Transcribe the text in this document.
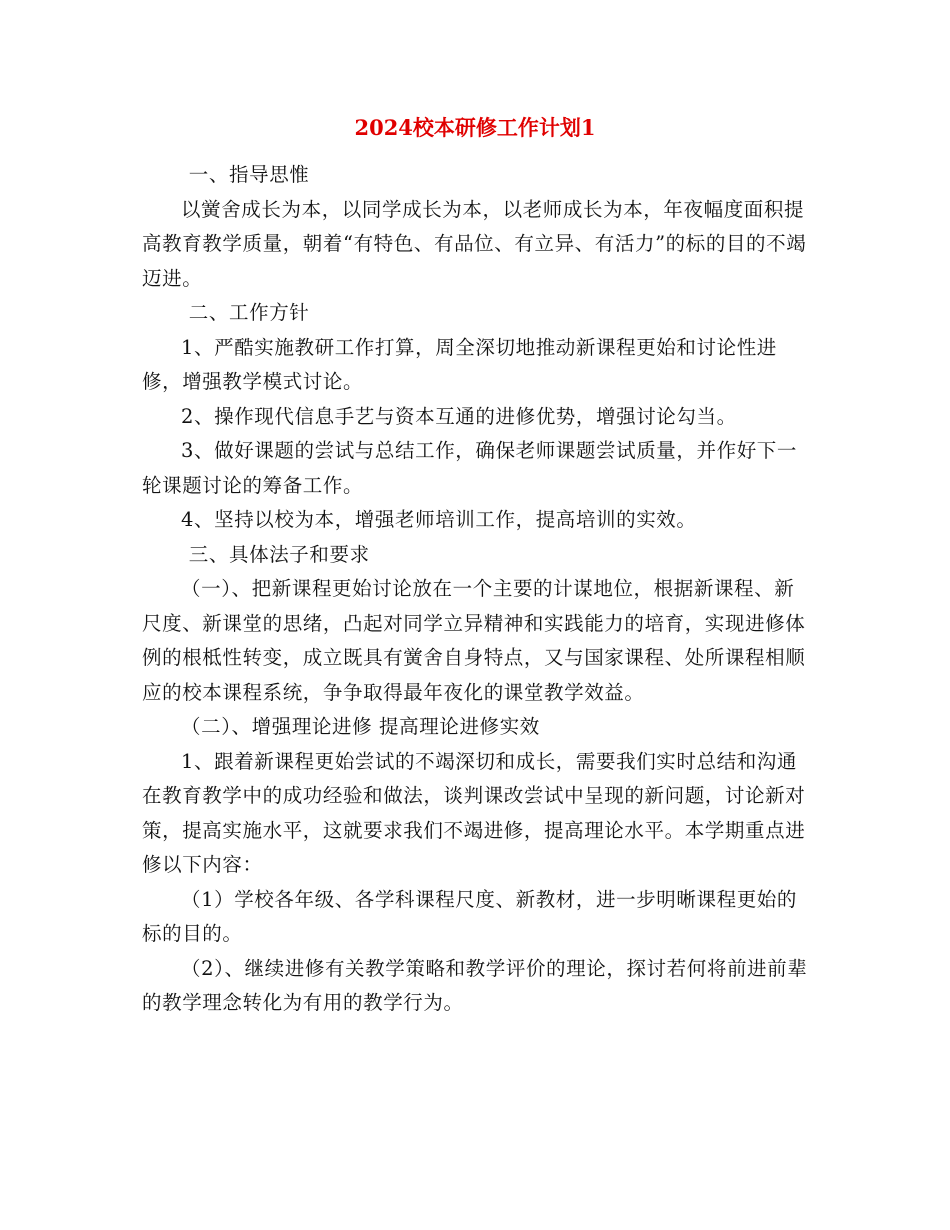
2024校本研修工作计划1

一、指导思惟

以黉舍成长为本，以同学成长为本，以老师成长为本，年夜幅度面积提高教育教学质量，朝着“有特色、有品位、有立异、有活力”的标的目的不竭迈进。

二、工作方针

1、严酷实施教研工作打算，周全深切地推动新课程更始和讨论性进修，增强教学模式讨论。

2、操作现代信息手艺与资本互通的进修优势，增强讨论勾当。

3、做好课题的尝试与总结工作，确保老师课题尝试质量，并作好下一轮课题讨论的筹备工作。

4、坚持以校为本，增强老师培训工作，提高培训的实效。

三、具体法子和要求

（一）、把新课程更始讨论放在一个主要的计谋地位，根据新课程、新尺度、新课堂的思绪，凸起对同学立异精神和实践能力的培育，实现进修体例的根柢性转变，成立既具有黉舍自身特点，又与国家课程、处所课程相顺应的校本课程系统，争争取得最年夜化的课堂教学效益。

（二）、增强理论进修 提高理论进修实效

1、跟着新课程更始尝试的不竭深切和成长，需要我们实时总结和沟通在教育教学中的成功经验和做法，谈判课改尝试中呈现的新问题，讨论新对策，提高实施水平，这就要求我们不竭进修，提高理论水平。本学期重点进修以下内容：

（1）学校各年级、各学科课程尺度、新教材，进一步明晰课程更始的标的目的。

（2）、继续进修有关教学策略和教学评价的理论，探讨若何将前进前辈的教学理念转化为有用的教学行为。
